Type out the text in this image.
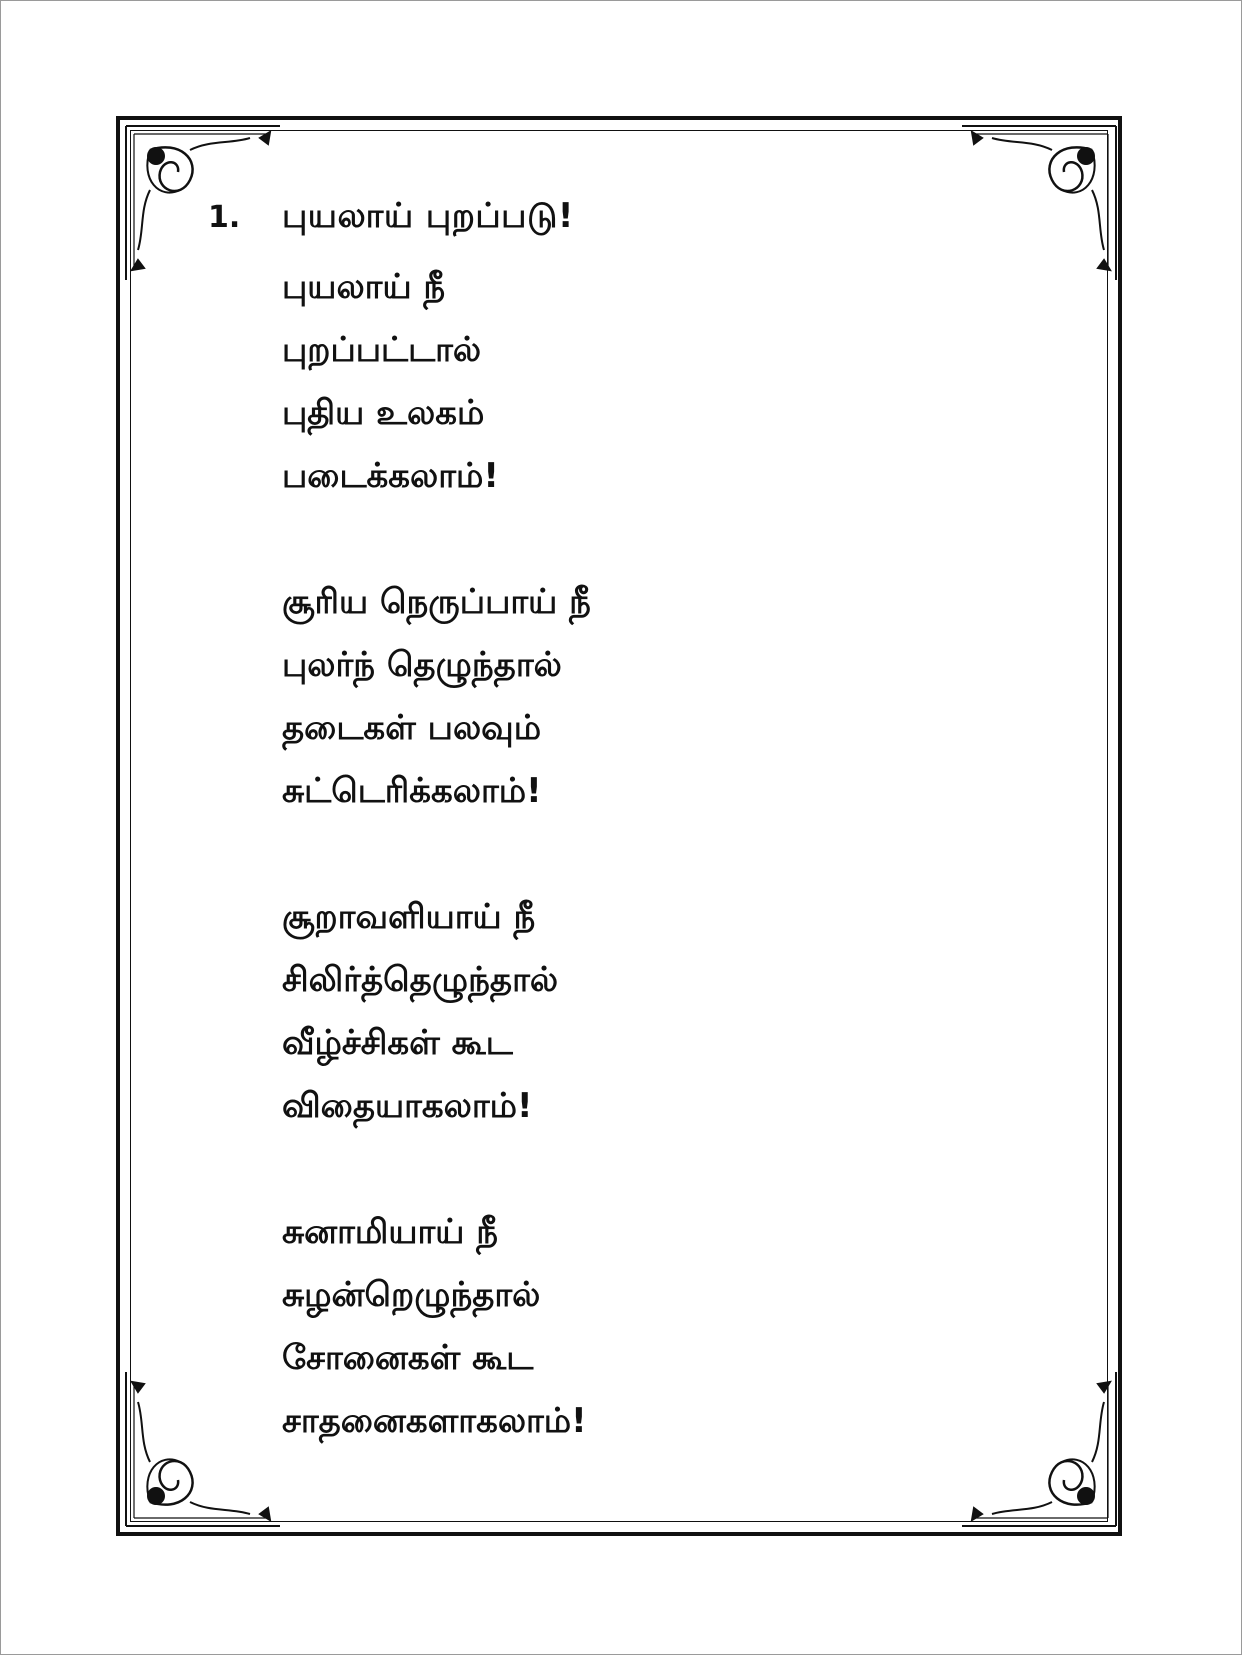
1.	புயலாய் புறப்படு!
புயலாய் நீ
புறப்பட்டால்
புதிய உலகம்
படைக்கலாம்!
சூரிய நெருப்பாய் நீ
புலர்ந் தெழுந்தால்
தடைகள் பலவும்
சுட்டெரிக்கலாம்!
சூறாவளியாய் நீ
சிலிர்த்தெழுந்தால்
வீழ்ச்சிகள் கூட
விதையாகலாம்!
சுனாமியாய் நீ
சுழன்றெழுந்தால்
சோனைகள் கூட
சாதனைகளாகலாம்!
